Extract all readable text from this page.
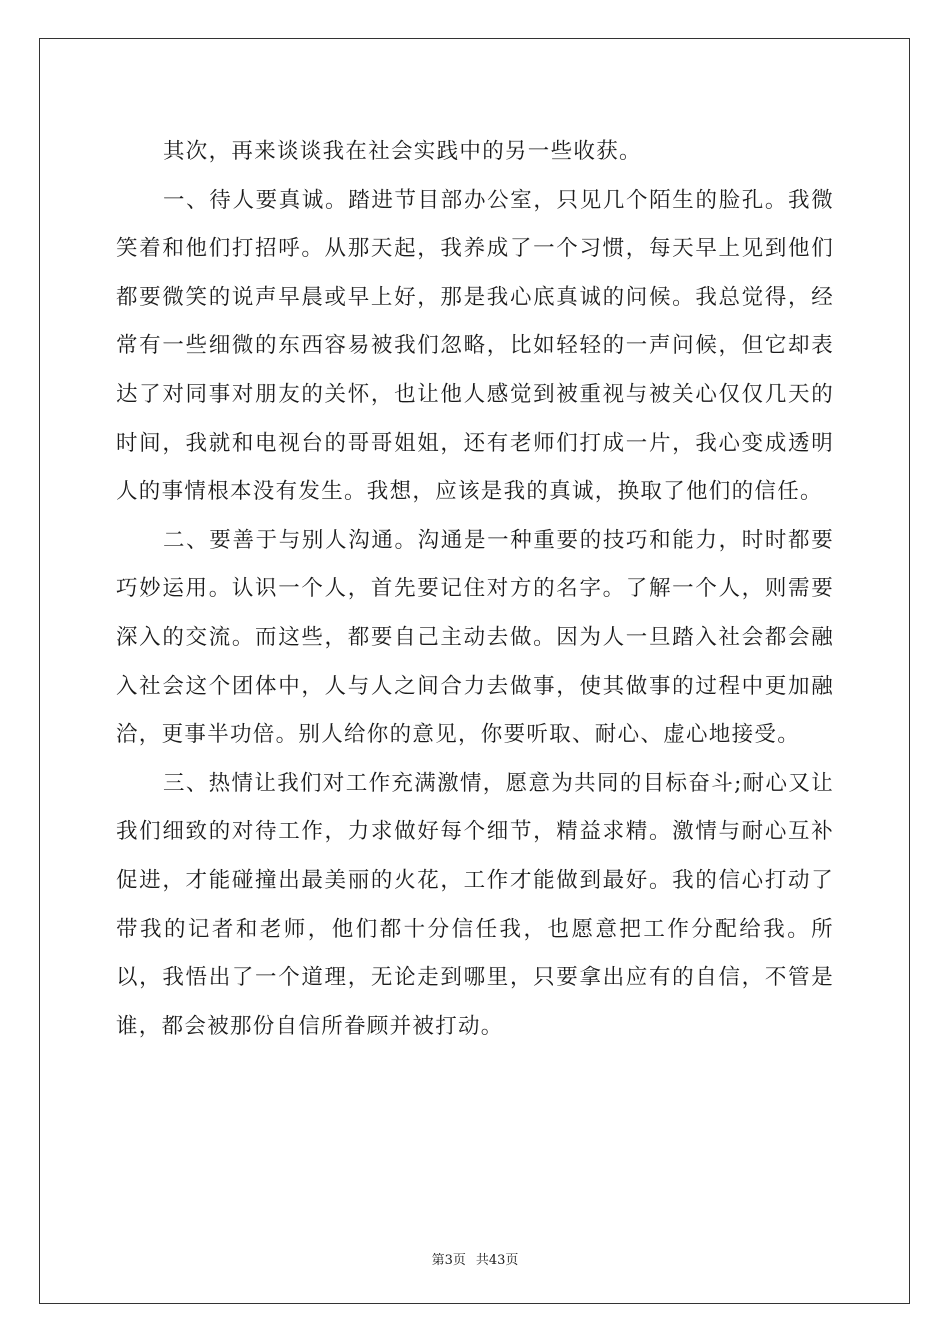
其次，再来谈谈我在社会实践中的另一些收获。

一、待人要真诚。踏进节目部办公室，只见几个陌生的脸孔。我微笑着和他们打招呼。从那天起，我养成了一个习惯，每天早上见到他们都要微笑的说声早晨或早上好，那是我心底真诚的问候。我总觉得，经常有一些细微的东西容易被我们忽略，比如轻轻的一声问候，但它却表达了对同事对朋友的关怀，也让他人感觉到被重视与被关心仅仅几天的时间，我就和电视台的哥哥姐姐，还有老师们打成一片，我心变成透明人的事情根本没有发生。我想，应该是我的真诚，换取了他们的信任。

二、要善于与别人沟通。沟通是一种重要的技巧和能力，时时都要巧妙运用。认识一个人，首先要记住对方的名字。了解一个人，则需要深入的交流。而这些，都要自己主动去做。因为人一旦踏入社会都会融入社会这个团体中，人与人之间合力去做事，使其做事的过程中更加融洽，更事半功倍。别人给你的意见，你要听取、耐心、虚心地接受。

三、热情让我们对工作充满激情，愿意为共同的目标奋斗;耐心又让我们细致的对待工作，力求做好每个细节，精益求精。激情与耐心互补促进，才能碰撞出最美丽的火花，工作才能做到最好。我的信心打动了带我的记者和老师，他们都十分信任我，也愿意把工作分配给我。所以，我悟出了一个道理，无论走到哪里，只要拿出应有的自信，不管是谁，都会被那份自信所眷顾并被打动。

第3页 共43页
